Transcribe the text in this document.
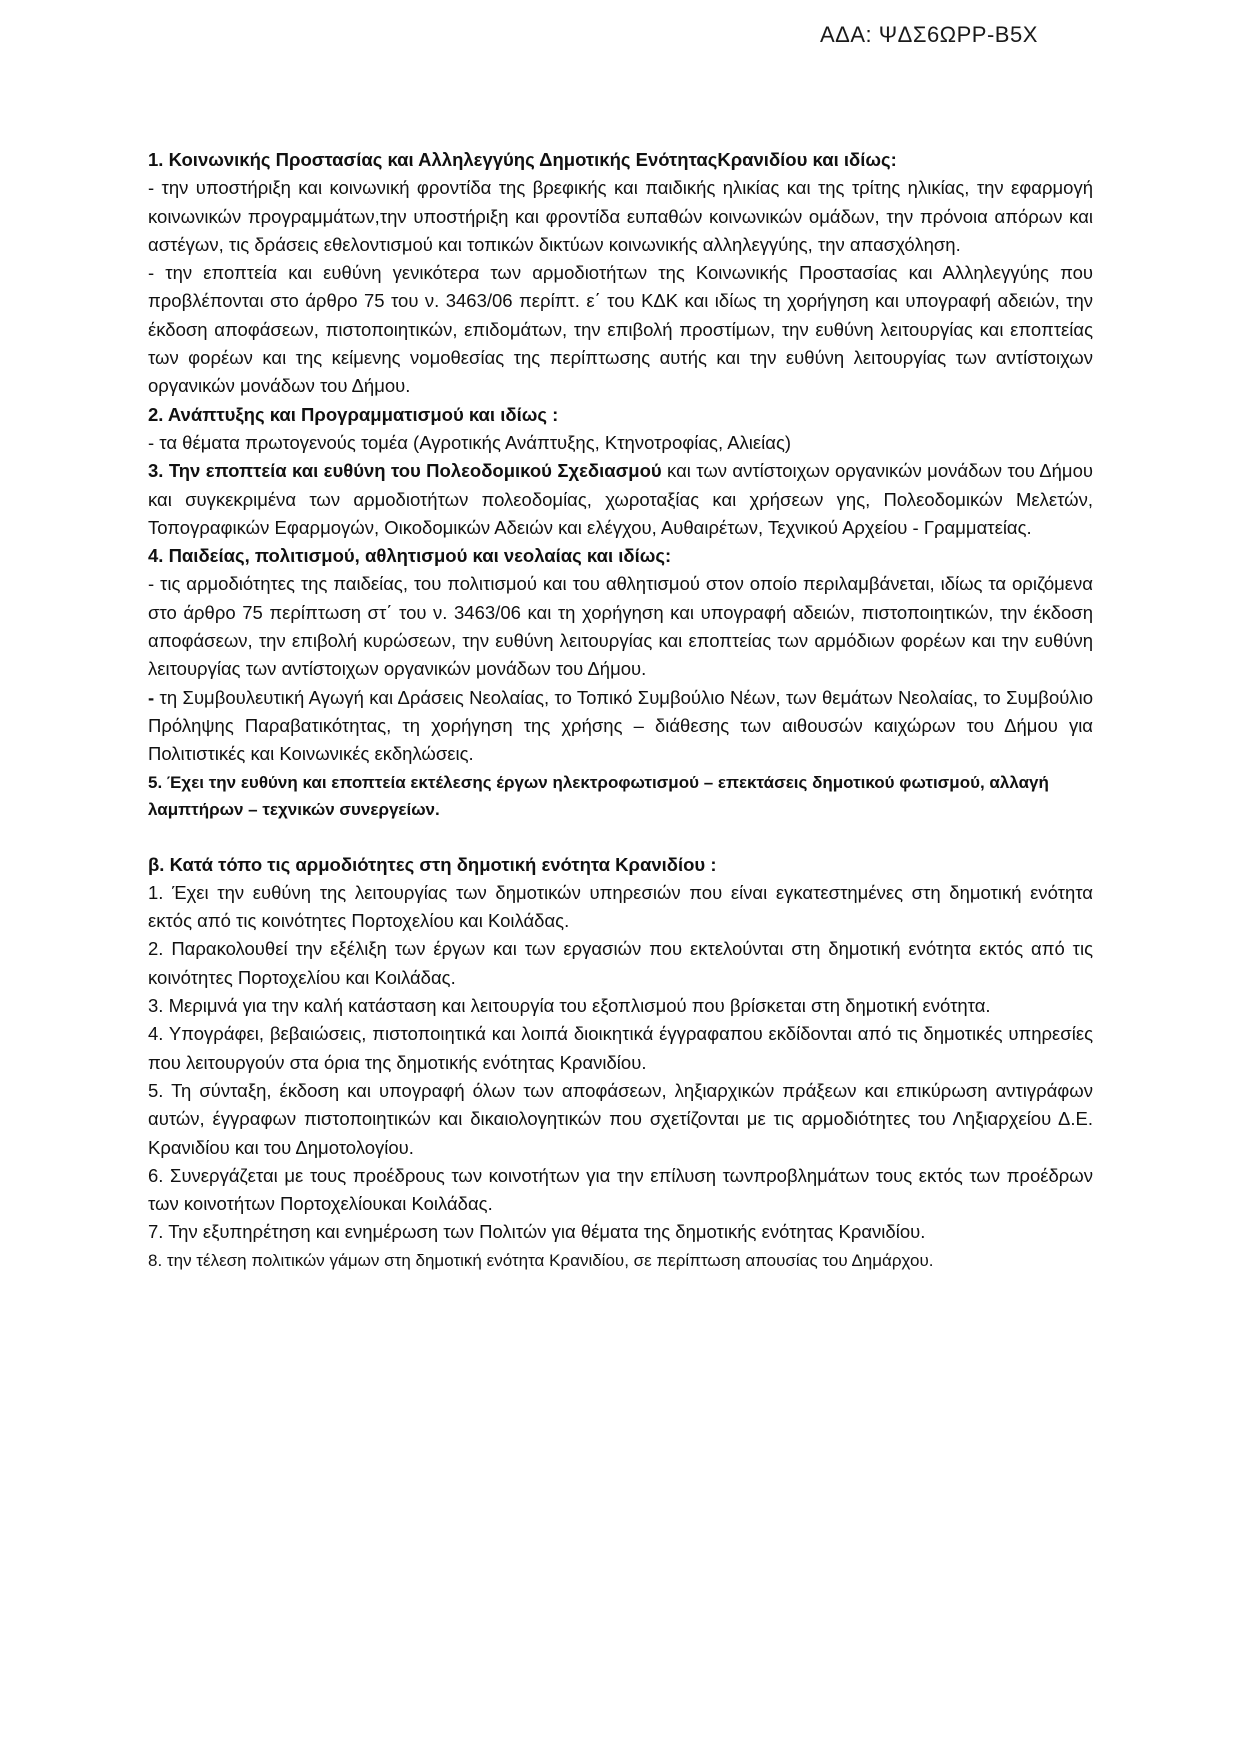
ΑΔΑ: ΨΔΣ6ΩΡΡ-Β5Χ

1. Κοινωνικής Προστασίας και Αλληλεγγύης Δημοτικής ΕνότηταςΚρανιδίου και ιδίως:

- την υποστήριξη και κοινωνική φροντίδα της βρεφικής και παιδικής ηλικίας και της τρίτης ηλικίας, την εφαρμογή κοινωνικών προγραμμάτων,την υποστήριξη και φροντίδα ευπαθών κοινωνικών ομάδων, την πρόνοια απόρων και αστέγων, τις δράσεις εθελοντισμού και τοπικών δικτύων κοινωνικής αλληλεγγύης, την απασχόληση.

- την εποπτεία και ευθύνη γενικότερα των αρμοδιοτήτων της Κοινωνικής Προστασίας και Αλληλεγγύης που προβλέπονται στο άρθρο 75 του ν. 3463/06 περίπτ. ε΄ του ΚΔΚ και ιδίως τη χορήγηση και υπογραφή αδειών, την έκδοση αποφάσεων, πιστοποιητικών, επιδομάτων, την επιβολή προστίμων, την ευθύνη λειτουργίας και εποπτείας των φορέων και της κείμενης νομοθεσίας της περίπτωσης αυτής και την ευθύνη λειτουργίας των αντίστοιχων οργανικών μονάδων του Δήμου.

2. Ανάπτυξης και Προγραμματισμού και ιδίως :

- τα θέματα πρωτογενούς τομέα (Αγροτικής Ανάπτυξης, Κτηνοτροφίας, Αλιείας)

3. Την εποπτεία και ευθύνη του Πολεοδομικού Σχεδιασμού και των αντίστοιχων οργανικών μονάδων του Δήμου και συγκεκριμένα των αρμοδιοτήτων πολεοδομίας, χωροταξίας και χρήσεων γης, Πολεοδομικών Μελετών, Τοπογραφικών Εφαρμογών, Οικοδομικών Αδειών και ελέγχου, Αυθαιρέτων, Τεχνικού Αρχείου - Γραμματείας.

4. Παιδείας, πολιτισμού, αθλητισμού και νεολαίας και ιδίως:

- τις αρμοδιότητες της παιδείας, του πολιτισμού και του αθλητισμού στον οποίο περιλαμβάνεται, ιδίως τα οριζόμενα στο άρθρο 75 περίπτωση στ΄ του ν. 3463/06 και τη χορήγηση και υπογραφή αδειών, πιστοποιητικών, την έκδοση αποφάσεων, την επιβολή κυρώσεων, την ευθύνη λειτουργίας και εποπτείας των αρμόδιων φορέων και την ευθύνη λειτουργίας των αντίστοιχων οργανικών μονάδων του Δήμου.

- τη Συμβουλευτική Αγωγή και Δράσεις Νεολαίας, το Τοπικό Συμβούλιο Νέων, των θεμάτων Νεολαίας, το Συμβούλιο Πρόληψης Παραβατικότητας, τη χορήγηση της χρήσης – διάθεσης των αιθουσών καιχώρων του Δήμου για Πολιτιστικές και Κοινωνικές εκδηλώσεις.

5. Έχει την ευθύνη και εποπτεία εκτέλεσης έργων ηλεκτροφωτισμού – επεκτάσεις δημοτικού φωτισμού, αλλαγή λαμπτήρων – τεχνικών συνεργείων.

β. Κατά τόπο τις αρμοδιότητες στη δημοτική ενότητα Κρανιδίου :

1. Έχει την ευθύνη της λειτουργίας των δημοτικών υπηρεσιών που είναι εγκατεστημένες στη δημοτική ενότητα εκτός από τις κοινότητες Πορτοχελίου και Κοιλάδας.

2. Παρακολουθεί την εξέλιξη των έργων και των εργασιών που εκτελούνται στη δημοτική ενότητα εκτός από τις κοινότητες Πορτοχελίου και Κοιλάδας.

3. Μεριμνά για την καλή κατάσταση και λειτουργία του εξοπλισμού που βρίσκεται στη δημοτική ενότητα.

4. Υπογράφει, βεβαιώσεις, πιστοποιητικά και λοιπά διοικητικά έγγραφαπου εκδίδονται από τις δημοτικές υπηρεσίες που λειτουργούν στα όρια της δημοτικής ενότητας Κρανιδίου.

5. Τη σύνταξη, έκδοση και υπογραφή όλων των αποφάσεων, ληξιαρχικών πράξεων και επικύρωση αντιγράφων αυτών, έγγραφων πιστοποιητικών και δικαιολογητικών που σχετίζονται με τις αρμοδιότητες του Ληξιαρχείου Δ.Ε. Κρανιδίου και του Δημοτολογίου.

6. Συνεργάζεται με τους προέδρους των κοινοτήτων για την επίλυση τωνπροβλημάτων τους εκτός των προέδρων των κοινοτήτων Πορτοχελίουκαι Κοιλάδας.

7. Την εξυπηρέτηση και ενημέρωση των Πολιτών για θέματα της δημοτικής ενότητας Κρανιδίου.

8. την τέλεση πολιτικών γάμων στη δημοτική ενότητα Κρανιδίου, σε περίπτωση απουσίας του Δημάρχου.
